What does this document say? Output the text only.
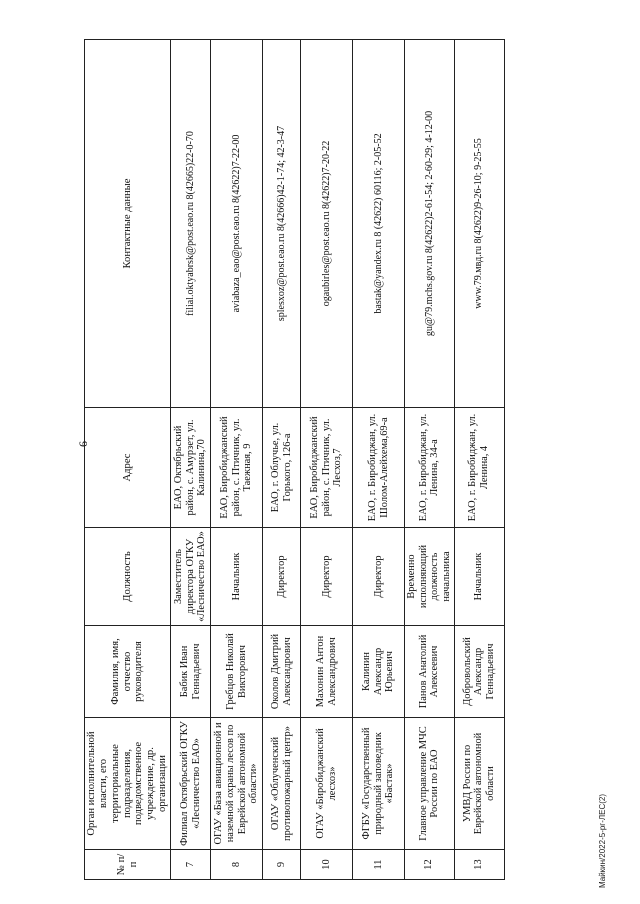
6
Майкин/2022-5-рг-ЛЕС(2)
№ п/п	Орган исполнительной власти, его территориальные подразделения, подведомственное учреждение, др. организации	Фамилия, имя, отчество руководителя	Должность	Адрес	Контактные данные
7	Филиал Октябрьский ОГКУ «Лесничество ЕАО»	Бабик Иван Геннадьевич	Заместитель директора ОГКУ «Лесничество ЕАО»	ЕАО, Октябрьский район, с. Амурзет, ул. Калинина,70	filial.oktyabrsk@post.eao.ru 8(42665)22-0-70
8	ОГАУ «База авиационной и наземной охраны лесов по Еврейской автономной области»	Гребцов Николай Викторович	Начальник	ЕАО, Биробиджанский район, с. Птичник, ул. Таежная, 9	aviabaza_eao@post.eao.ru 8(42622)7-22-00
9	ОГАУ «Облученский противопожарный центр»	Околов Дмитрий Александрович	Директор	ЕАО, г. Облучье, ул. Горького, 126-а	splesxoz@post.eao.ru 8(42666)42-1-74; 42-3-47
10	ОГАУ «Биробиджанский лесхоз»	Махонин Антон Александрович	Директор	ЕАО, Биробиджанский район, с. Птичник, ул. Лесхоз,7	ogaubirles@post.eao.ru 8(42622)7-20-22
11	ФГБУ «Государственный природный заповедник «Бастак»	Калинин Александр Юрьевич	Директор	ЕАО, г. Биробиджан, ул. Шолом-Алейхема,69-а	bastak@yandex.ru 8 (42622) 60116; 2-05-52
12	Главное управление МЧС России по ЕАО	Панов Анатолий Алексеевич	Временно исполняющий должность начальника	ЕАО, г. Биробиджан, ул. Ленина, 34-а	gu@79.mchs.gov.ru 8(42622)2-61-54; 2-60-29; 4-12-00
13	УМВД России по Еврейской автономной области	Добровольский Александр Геннадьевич	Начальник	ЕАО, г. Биробиджан, ул. Ленина, 4	www.79.мвд.ru 8(42622)9-26-10; 9-25-55
